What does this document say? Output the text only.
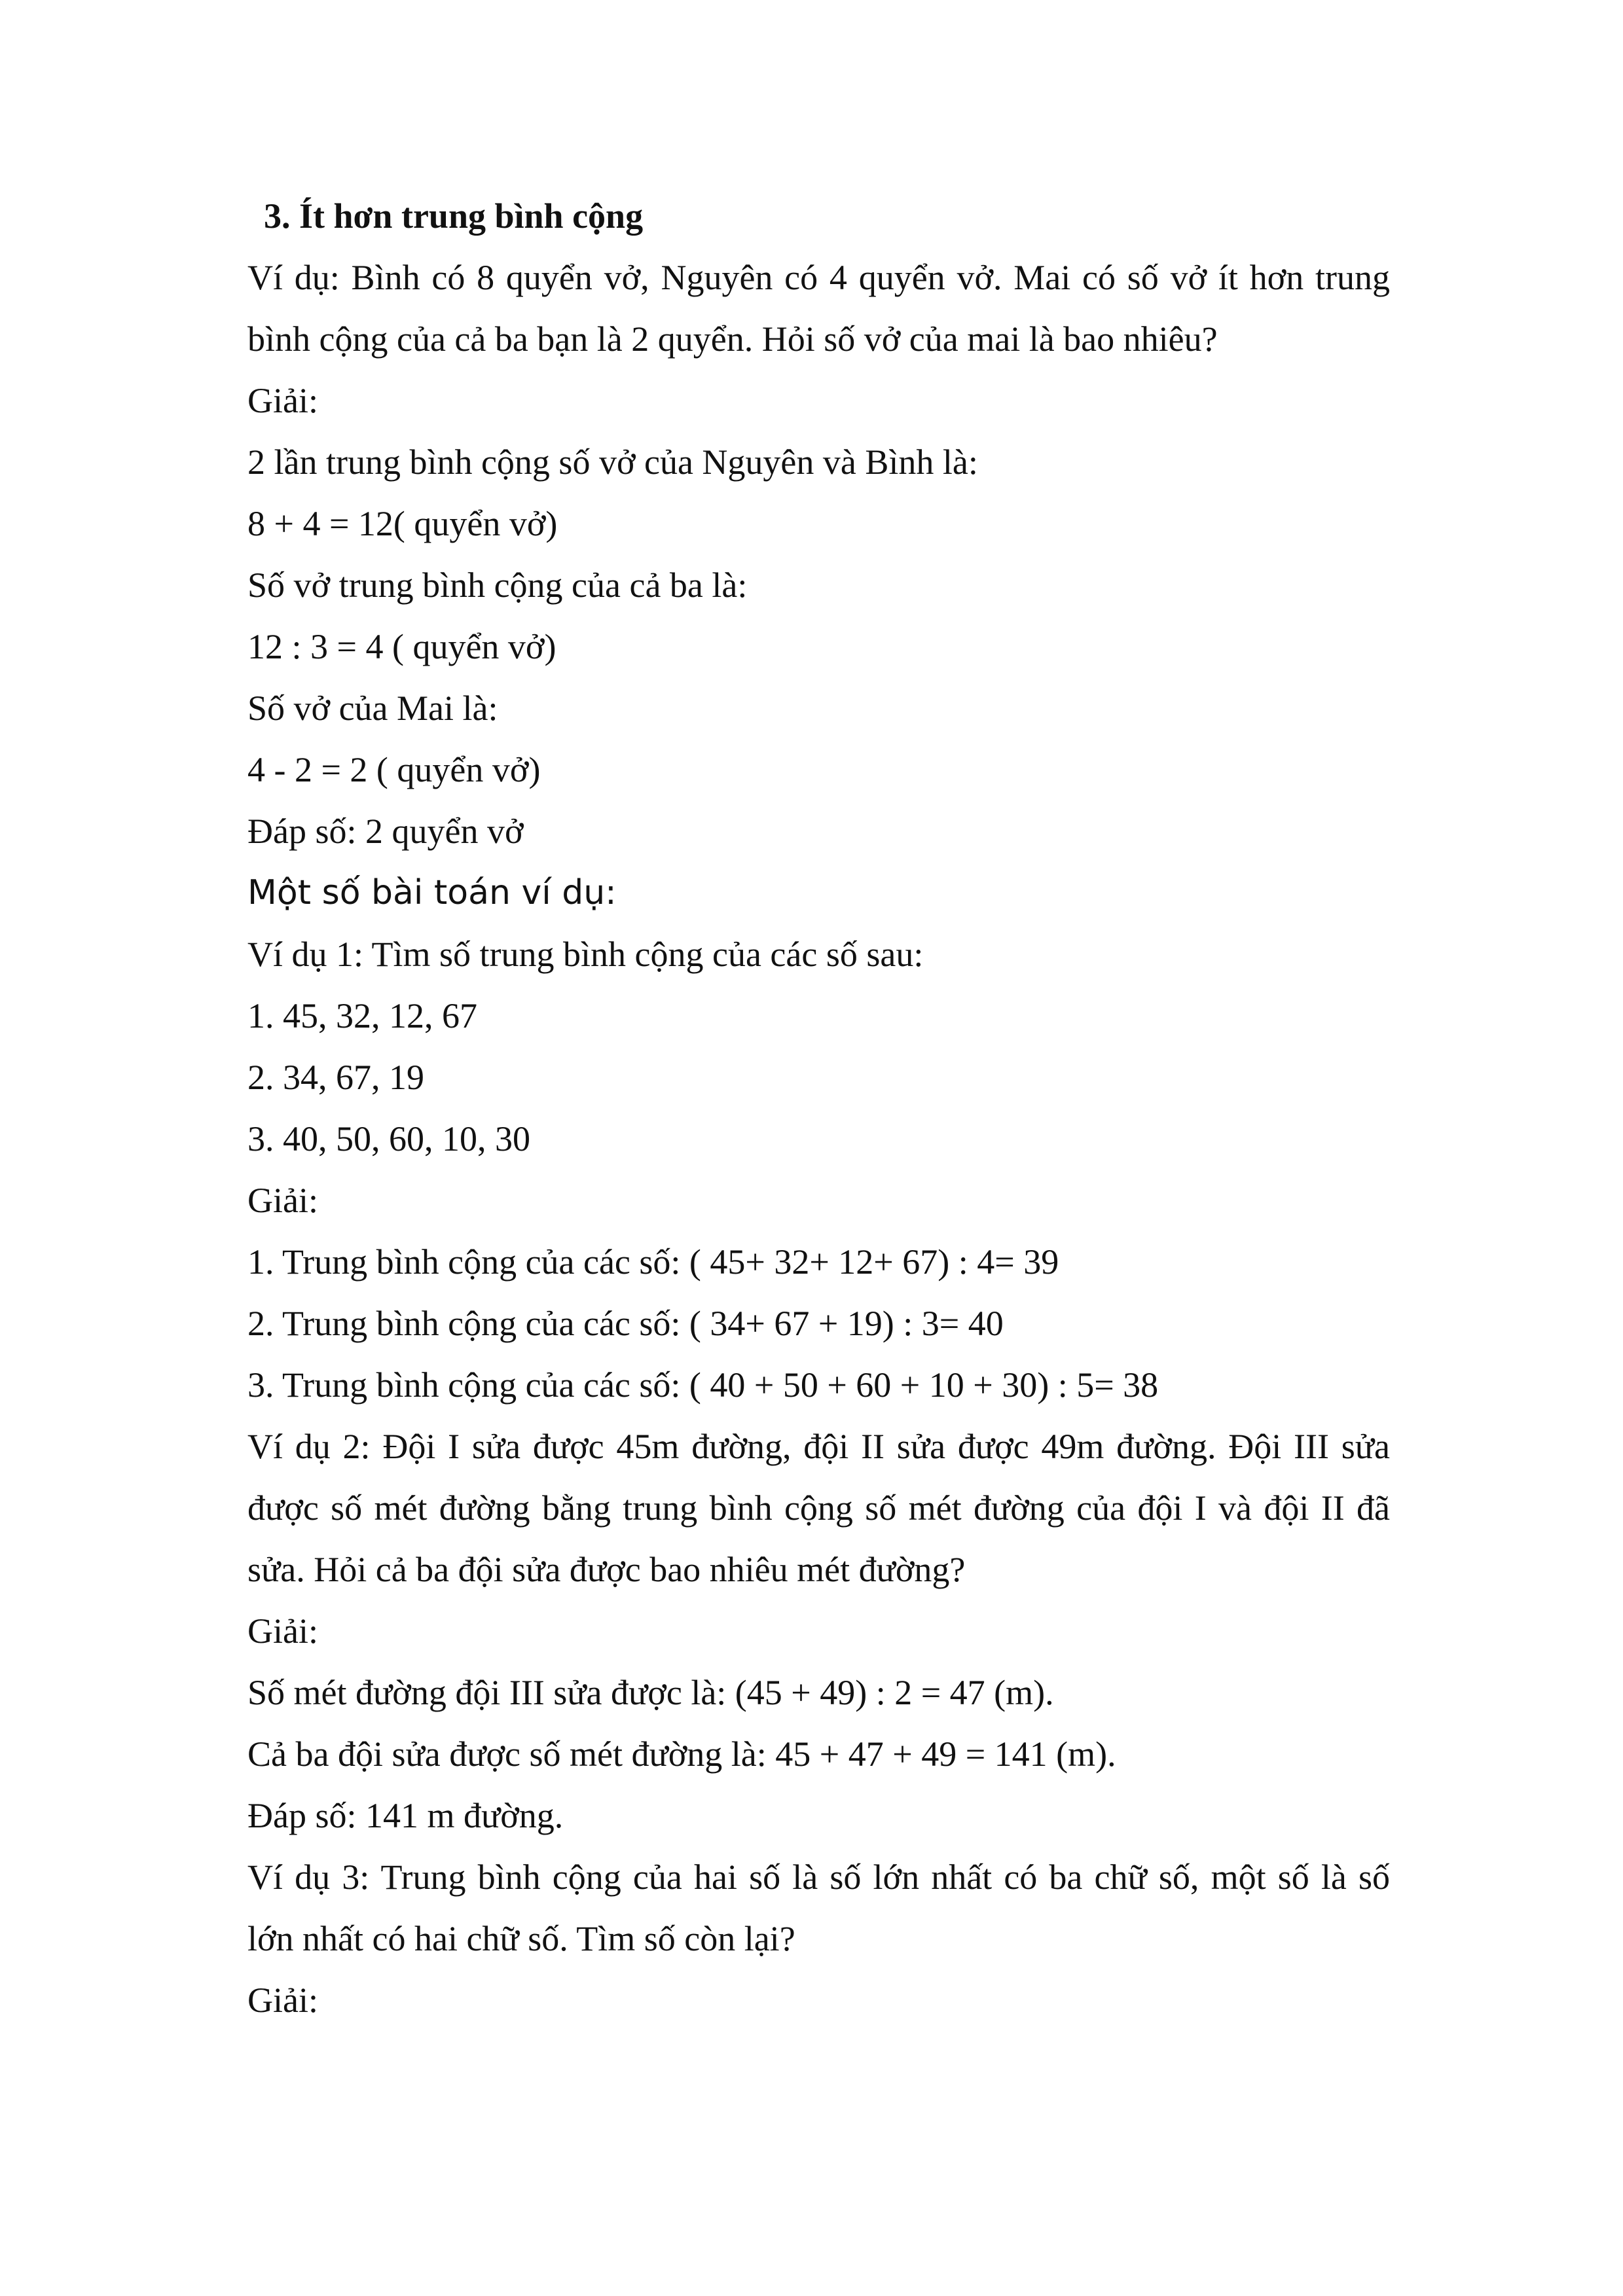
3. Ít hơn trung bình cộng
Ví dụ: Bình có 8 quyển vở, Nguyên có 4 quyển vở. Mai có số vở ít hơn trung
bình cộng của cả ba bạn là 2 quyển. Hỏi số vở của mai là bao nhiêu?
Giải:
2 lần trung bình cộng số vở của Nguyên và Bình là:
8 + 4 = 12( quyển vở)
Số vở trung bình cộng của cả ba là:
12 : 3 = 4 ( quyển vở)
Số vở của Mai là:
4 - 2 = 2 ( quyển vở)
Đáp số: 2 quyển vở
Một số bài toán ví dụ:
Ví dụ 1: Tìm số trung bình cộng của các số sau:
1. 45, 32, 12, 67
2. 34, 67, 19
3. 40, 50, 60, 10, 30
Giải:
1. Trung bình cộng của các số: ( 45+ 32+ 12+ 67) : 4= 39
2. Trung bình cộng của các số: ( 34+ 67 + 19) : 3= 40
3. Trung bình cộng của các số: ( 40 + 50 + 60 + 10 + 30) : 5= 38
Ví dụ 2: Đội I sửa được 45m đường, đội II sửa được 49m đường. Đội III sửa
được số mét đường bằng trung bình cộng số mét đường của đội I và đội II đã
sửa. Hỏi cả ba đội sửa được bao nhiêu mét đường?
Giải:
Số mét đường đội III sửa được là: (45 + 49) : 2 = 47 (m).
Cả ba đội sửa được số mét đường là: 45 + 47 + 49 = 141 (m).
Đáp số: 141 m đường.
Ví dụ 3: Trung bình cộng của hai số là số lớn nhất có ba chữ số, một số là số
lớn nhất có hai chữ số. Tìm số còn lại?
Giải:
